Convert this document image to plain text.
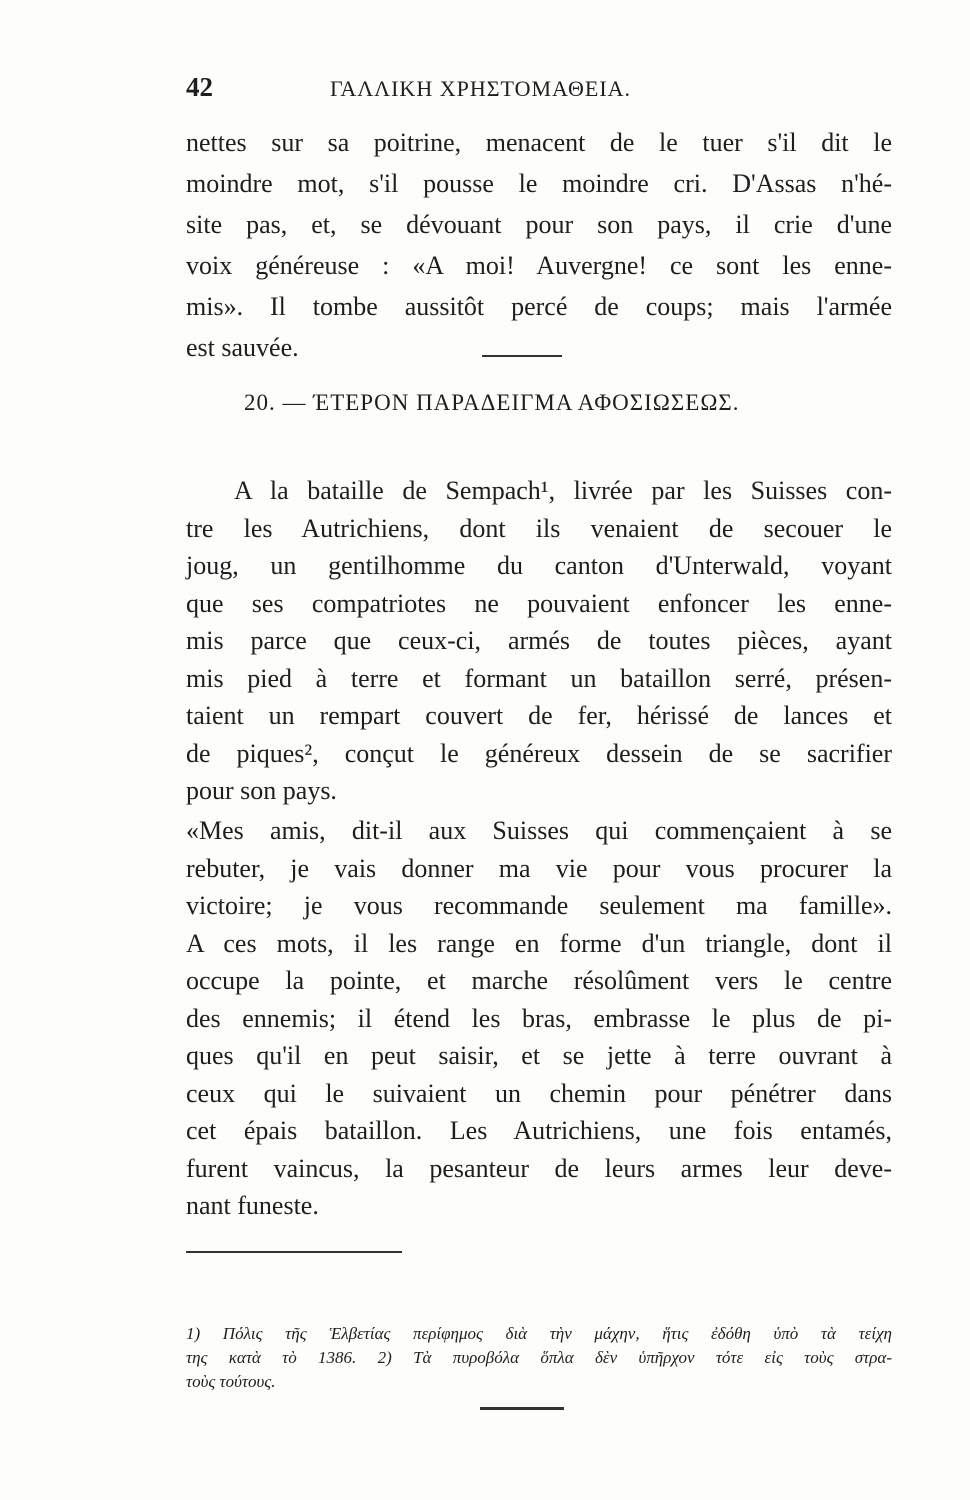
42	ΓΑΛΛΙΚΗ ΧΡΗΣΤΟΜΑΘΕΙΑ.
nettes sur sa poitrine, menacent de le tuer s'il dit le
moindre mot, s'il pousse le moindre cri. D'Assas n'hé-
site pas, et, se dévouant pour son pays, il crie d'une
voix généreuse : «A moi! Auvergne! ce sont les enne-
mis». Il tombe aussitôt percé de coups; mais l'armée
est sauvée.
20. — ΈΤΕΡΟΝ ΠΑΡΑΔΕΙΓΜΑ ΑΦΟΣΙΩΣΕΩΣ.
A la bataille de Sempach¹, livrée par les Suisses con-
tre les Autrichiens, dont ils venaient de secouer le
joug, un gentilhomme du canton d'Unterwald, voyant
que ses compatriotes ne pouvaient enfoncer les enne-
mis parce que ceux-ci, armés de toutes pièces, ayant
mis pied à terre et formant un bataillon serré, présen-
taient un rempart couvert de fer, hérissé de lances et
de piques², conçut le généreux dessein de se sacrifier
pour son pays.
«Mes amis, dit-il aux Suisses qui commençaient à se
rebuter, je vais donner ma vie pour vous procurer la
victoire; je vous recommande seulement ma famille».
A ces mots, il les range en forme d'un triangle, dont il
occupe la pointe, et marche résolûment vers le centre
des ennemis; il étend les bras, embrasse le plus de pi-
ques qu'il en peut saisir, et se jette à terre ouvrant à
ceux qui le suivaient un chemin pour pénétrer dans
cet épais bataillon. Les Autrichiens, une fois entamés,
furent vaincus, la pesanteur de leurs armes leur deve-
nant funeste.
1) Πόλις τῆς Ἑλβετίας περίφημος διὰ τὴν μάχην, ἥτις ἐδόθη ὑπὸ τὰ τείχη
της κατὰ τὸ 1386. 2) Τὰ πυροβόλα ὅπλα δὲν ὑπῆρχον τότε εἰς τοὺς στρα-
τοὺς τούτους.
